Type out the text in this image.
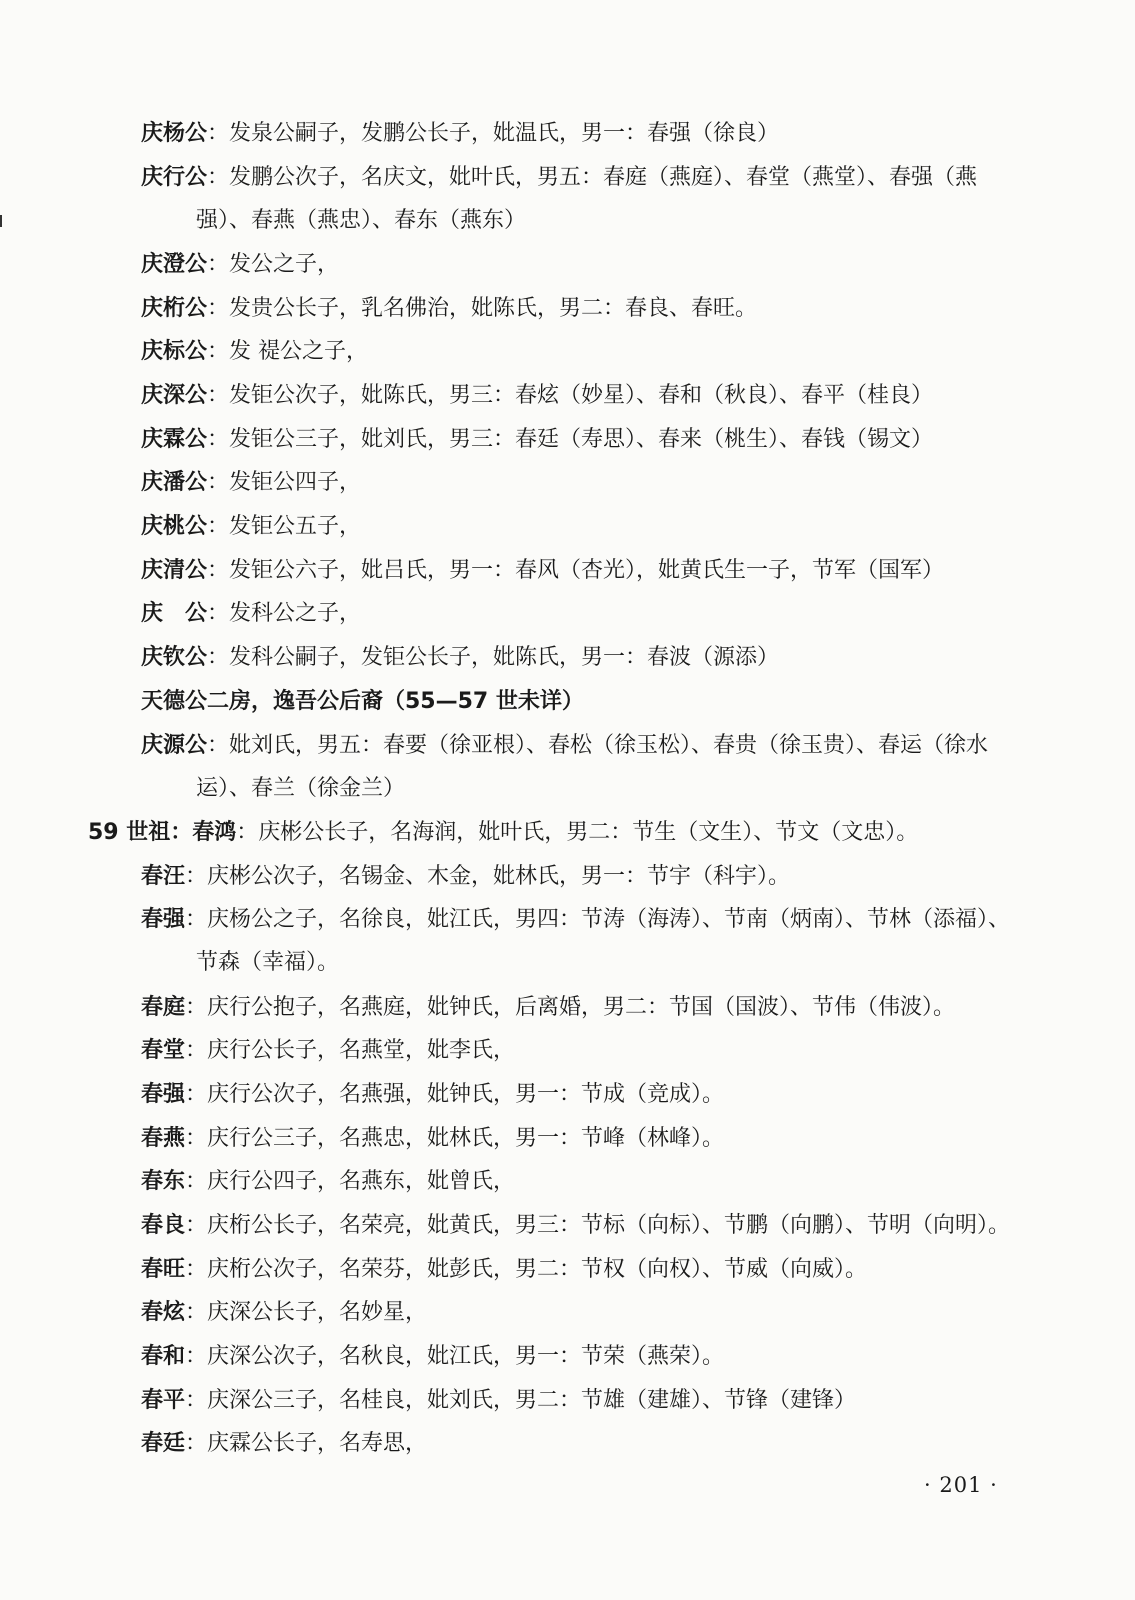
庆杨公：发泉公嗣子，发鹏公长子，妣温氏，男一：春强（徐良）
庆行公：发鹏公次子，名庆文，妣叶氏，男五：春庭（燕庭）、春堂（燕堂）、春强（燕
强）、春燕（燕忠）、春东（燕东）
庆澄公：发公之子，
庆桁公：发贵公长子，乳名佛治，妣陈氏，男二：春良、春旺。
庆标公：发 禔公之子，
庆深公：发钜公次子，妣陈氏，男三：春炫（妙星）、春和（秋良）、春平（桂良）
庆霖公：发钜公三子，妣刘氏，男三：春廷（寿思）、春来（桃生）、春钱（锡文）
庆潘公：发钜公四子，
庆桃公：发钜公五子，
庆清公：发钜公六子，妣吕氏，男一：春风（杏光），妣黄氏生一子，节军（国军）
庆　公：发科公之子，
庆钦公：发科公嗣子，发钜公长子，妣陈氏，男一：春波（源添）
天德公二房，逸吾公后裔（55—57 世未详）
庆源公：妣刘氏，男五：春要（徐亚根）、春松（徐玉松）、春贵（徐玉贵）、春运（徐水
运）、春兰（徐金兰）
59 世祖：春鸿：庆彬公长子，名海润，妣叶氏，男二：节生（文生）、节文（文忠）。
春汪：庆彬公次子，名锡金、木金，妣林氏，男一：节宇（科宇）。
春强：庆杨公之子，名徐良，妣江氏，男四：节涛（海涛）、节南（炳南）、节林（添福）、
节森（幸福）。
春庭：庆行公抱子，名燕庭，妣钟氏，后离婚，男二：节国（国波）、节伟（伟波）。
春堂：庆行公长子，名燕堂，妣李氏，
春强：庆行公次子，名燕强，妣钟氏，男一：节成（竞成）。
春燕：庆行公三子，名燕忠，妣林氏，男一：节峰（林峰）。
春东：庆行公四子，名燕东，妣曾氏，
春良：庆桁公长子，名荣亮，妣黄氏，男三：节标（向标）、节鹏（向鹏）、节明（向明）。
春旺：庆桁公次子，名荣芬，妣彭氏，男二：节权（向权）、节威（向威）。
春炫：庆深公长子，名妙星，
春和：庆深公次子，名秋良，妣江氏，男一：节荣（燕荣）。
春平：庆深公三子，名桂良，妣刘氏，男二：节雄（建雄）、节锋（建锋）
春廷：庆霖公长子，名寿思，
· 201 ·
